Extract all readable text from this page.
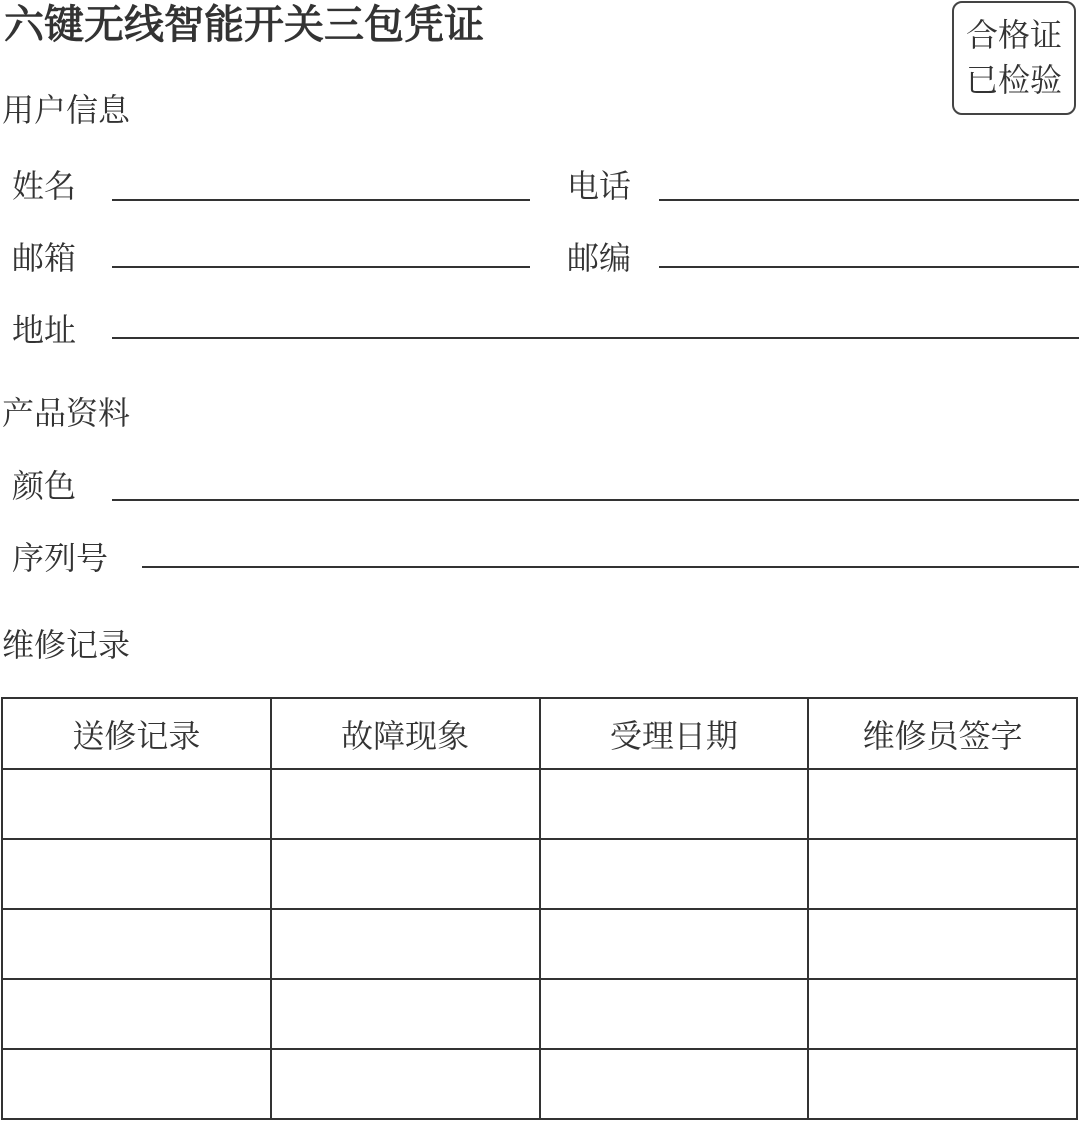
六键无线智能开关三包凭证	合格证
已检验
用户信息
姓名	电话
邮箱	邮编
地址
产品资料
颜色
序列号
维修记录
送修记录	故障现象	受理日期	维修员签字
